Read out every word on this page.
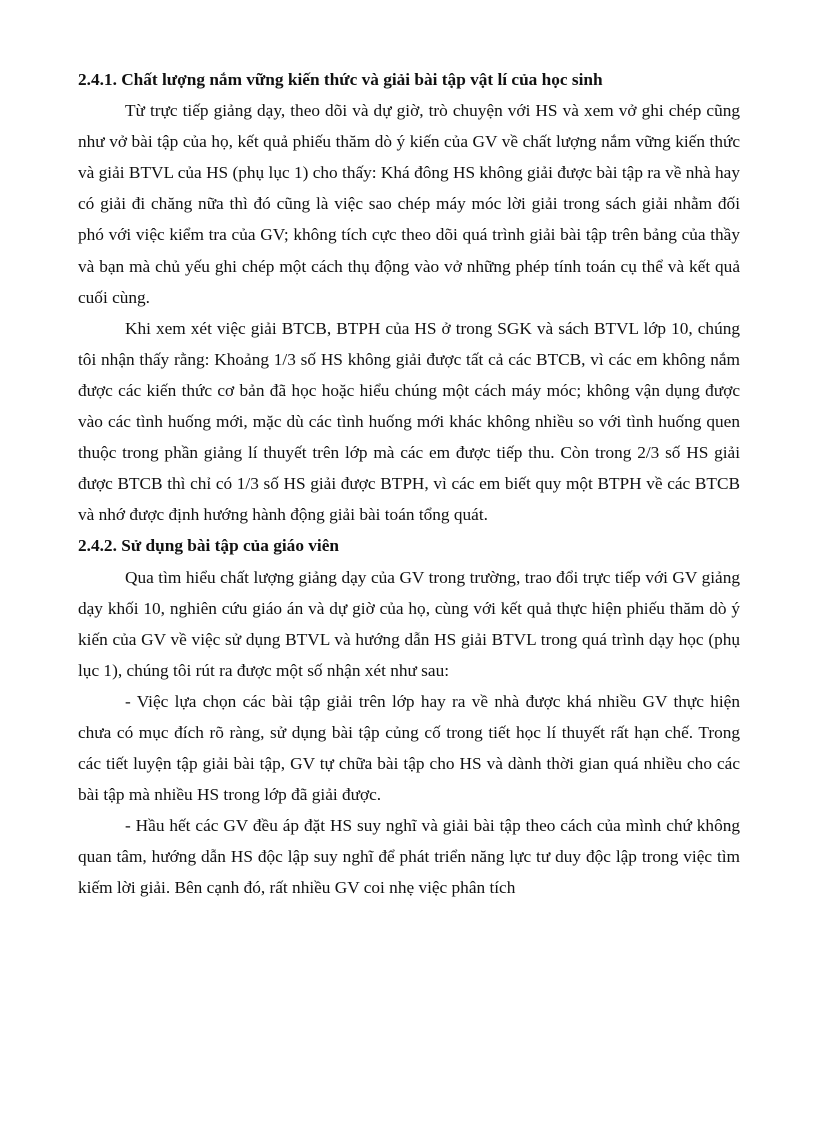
2.4.1. Chất lượng nắm vững kiến thức và giải bài tập vật lí của học sinh

Từ trực tiếp giảng dạy, theo dõi và dự giờ, trò chuyện với HS và xem vở ghi chép cũng như vở bài tập của họ, kết quả phiếu thăm dò ý kiến của GV về chất lượng nắm vững kiến thức và giải BTVL của HS (phụ lục 1) cho thấy: Khá đông HS không giải được bài tập ra về nhà hay có giải đi chăng nữa thì đó cũng là việc sao chép máy móc lời giải trong sách giải nhằm đối phó với việc kiểm tra của GV; không tích cực theo dõi quá trình giải bài tập trên bảng của thầy và bạn mà chủ yếu ghi chép một cách thụ động vào vở những phép tính toán cụ thể và kết quả cuối cùng.

Khi xem xét việc giải BTCB, BTPH của HS ở trong SGK và sách BTVL lớp 10, chúng tôi nhận thấy rằng: Khoảng 1/3 số HS không giải được tất cả các BTCB, vì các em không nắm được các kiến thức cơ bản đã học hoặc hiểu chúng một cách máy móc; không vận dụng được vào các tình huống mới, mặc dù các tình huống mới khác không nhiều so với tình huống quen thuộc trong phần giảng lí thuyết trên lớp mà các em được tiếp thu. Còn trong 2/3 số HS giải được BTCB thì chỉ có 1/3 số HS giải được BTPH, vì các em biết quy một BTPH về các BTCB và nhớ được định hướng hành động giải bài toán tổng quát.

2.4.2. Sử dụng bài tập của giáo viên

Qua tìm hiểu chất lượng giảng dạy của GV trong trường, trao đổi trực tiếp với GV giảng dạy khối 10, nghiên cứu giáo án và dự giờ của họ, cùng với kết quả thực hiện phiếu thăm dò ý kiến của GV về việc sử dụng BTVL và hướng dẫn HS giải BTVL trong quá trình dạy học (phụ lục 1), chúng tôi rút ra được một số nhận xét như sau:

- Việc lựa chọn các bài tập giải trên lớp hay ra về nhà được khá nhiều GV thực hiện chưa có mục đích rõ ràng, sử dụng bài tập củng cố trong tiết học lí thuyết rất hạn chế. Trong các tiết luyện tập giải bài tập, GV tự chữa bài tập cho HS và dành thời gian quá nhiều cho các bài tập mà nhiều HS trong lớp đã giải được.

- Hầu hết các GV đều áp đặt HS suy nghĩ và giải bài tập theo cách của mình chứ không quan tâm, hướng dẫn HS độc lập suy nghĩ để phát triển năng lực tư duy độc lập trong việc tìm kiếm lời giải. Bên cạnh đó, rất nhiều GV coi nhẹ việc phân tích
